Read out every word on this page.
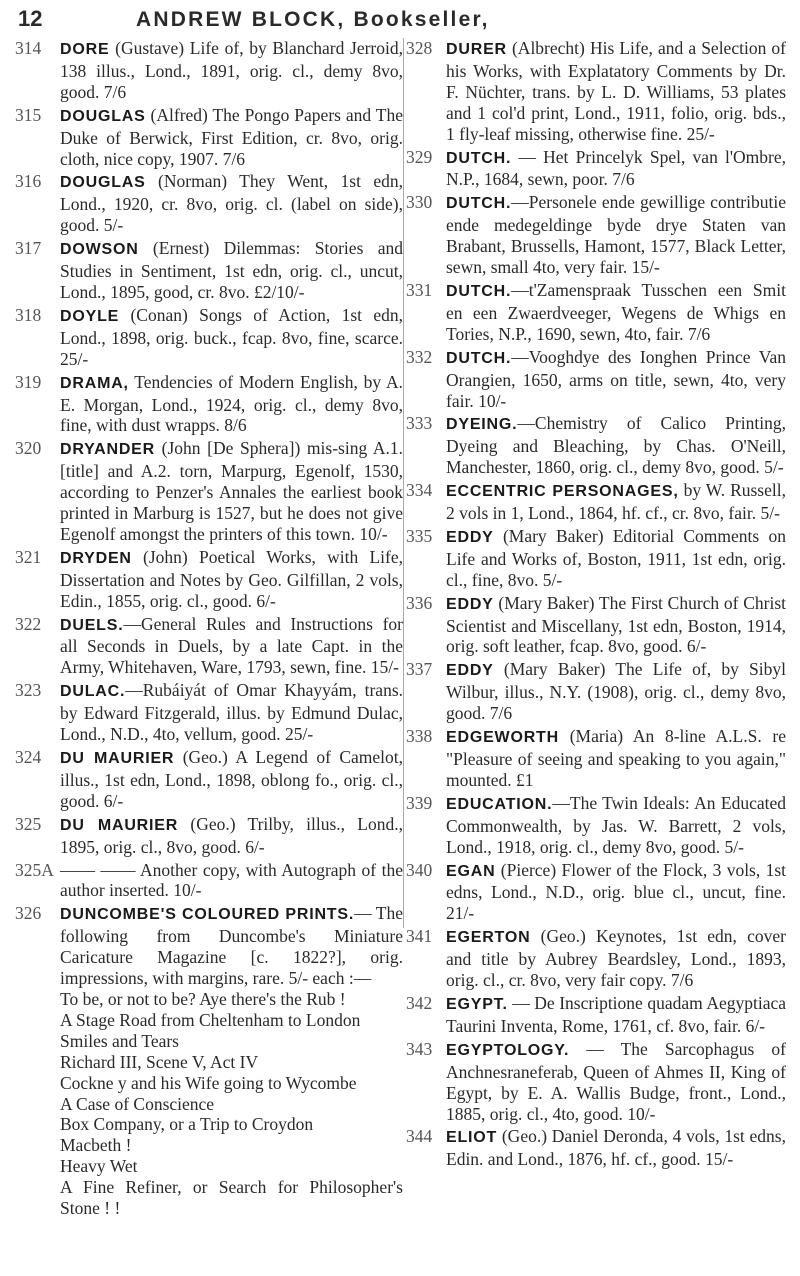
12	ANDREW BLOCK, Bookseller,
314	DORE (Gustave) Life of, by Blanchard Jerroid, 138 illus., Lond., 1891, orig. cl., demy 8vo, good. 7/6
315	DOUGLAS (Alfred) The Pongo Papers and The Duke of Berwick, First Edition, cr. 8vo, orig. cloth, nice copy, 1907. 7/6
316	DOUGLAS (Norman) They Went, 1st edn, Lond., 1920, cr. 8vo, orig. cl. (label on side), good. 5/-
317	DOWSON (Ernest) Dilemmas: Stories and Studies in Sentiment, 1st edn, orig. cl., uncut, Lond., 1895, good, cr. 8vo. £2/10/-
318	DOYLE (Conan) Songs of Action, 1st edn, Lond., 1898, orig. buck., fcap. 8vo, fine, scarce. 25/-
319	DRAMA, Tendencies of Modern English, by A. E. Morgan, Lond., 1924, orig. cl., demy 8vo, fine, with dust wrapps. 8/6
320	DRYANDER (John [De Sphera]) mis-sing A.1. [title] and A.2. torn, Marpurg, Egenolf, 1530, according to Penzer's Annales the earliest book printed in Marburg is 1527, but he does not give Egenolf amongst the printers of this town. 10/-
321	DRYDEN (John) Poetical Works, with Life, Dissertation and Notes by Geo. Gilfillan, 2 vols, Edin., 1855, orig. cl., good. 6/-
322	DUELS.—General Rules and Instructions for all Seconds in Duels, by a late Capt. in the Army, Whitehaven, Ware, 1793, sewn, fine. 15/-
323	DULAC.—Rubáiyát of Omar Khayyám, trans. by Edward Fitzgerald, illus. by Edmund Dulac, Lond., N.D., 4to, vellum, good. 25/-
324	DU MAURIER (Geo.) A Legend of Camelot, illus., 1st edn, Lond., 1898, oblong fo., orig. cl., good. 6/-
325	DU MAURIER (Geo.) Trilby, illus., Lond., 1895, orig. cl., 8vo, good. 6/-
325A —— —— Another copy, with Autograph of the author inserted. 10/-
326	DUNCOMBE'S COLOURED PRINTS.— The following from Duncombe's Miniature Caricature Magazine [c. 1822?], orig. impressions, with margins, rare. 5/- each :—
To be, or not to be? Aye there's the Rub !
A Stage Road from Cheltenham to London
Smiles and Tears
Richard III, Scene V, Act IV
Cockne y and his Wife going to Wycombe
A Case of Conscience
Box Company, or a Trip to Croydon
Macbeth !
Heavy Wet
A Fine Refiner, or Search for Philosopher's Stone ! !
328 DURER (Albrecht) His Life, and a Selection of his Works, with Explatatory Comments by Dr. F. Nüchter, trans. by L. D. Williams, 53 plates and 1 col'd print, Lond., 1911, folio, orig. bds., 1 fly-leaf missing, otherwise fine. 25/-
329 DUTCH. — Het Princelyk Spel, van l'Ombre, N.P., 1684, sewn, poor. 7/6
330 DUTCH.—Personele ende gewillige contributie ende medegeldinge byde drye Staten van Brabant, Brussells, Hamont, 1577, Black Letter, sewn, small 4to, very fair. 15/-
331 DUTCH.—t'Zamenspraak Tusschen een Smit en een Zwaerdveeger, Wegens de Whigs en Tories, N.P., 1690, sewn, 4to, fair. 7/6
332 DUTCH.—Vooghdye des Ionghen Prince Van Orangien, 1650, arms on title, sewn, 4to, very fair. 10/-
333 DYEING.—Chemistry of Calico Printing, Dyeing and Bleaching, by Chas. O'Neill, Manchester, 1860, orig. cl., demy 8vo, good. 5/-
334 ECCENTRIC PERSONAGES, by W. Russell, 2 vols in 1, Lond., 1864, hf. cf., cr. 8vo, fair. 5/-
335 EDDY (Mary Baker) Editorial Comments on Life and Works of, Boston, 1911, 1st edn, orig. cl., fine, 8vo. 5/-
336 EDDY (Mary Baker) The First Church of Christ Scientist and Miscellany, 1st edn, Boston, 1914, orig. soft leather, fcap. 8vo, good. 6/-
337 EDDY (Mary Baker) The Life of, by Sibyl Wilbur, illus., N.Y. (1908), orig. cl., demy 8vo, good. 7/6
338 EDGEWORTH (Maria) An 8-line A.L.S. re "Pleasure of seeing and speaking to you again," mounted. £1
339 EDUCATION.—The Twin Ideals: An Educated Commonwealth, by Jas. W. Barrett, 2 vols, Lond., 1918, orig. cl., demy 8vo, good. 5/-
340 EGAN (Pierce) Flower of the Flock, 3 vols, 1st edns, Lond., N.D., orig. blue cl., uncut, fine. 21/-
341 EGERTON (Geo.) Keynotes, 1st edn, cover and title by Aubrey Beardsley, Lond., 1893, orig. cl., cr. 8vo, very fair copy. 7/6
342 EGYPT. — De Inscriptione quadam Aegyptiaca Taurini Inventa, Rome, 1761, cf. 8vo, fair. 6/-
343 EGYPTOLOGY. — The Sarcophagus of Anchnesraneferab, Queen of Ahmes II, King of Egypt, by E. A. Wallis Budge, front., Lond., 1885, orig. cl., 4to, good. 10/-
344 ELIOT (Geo.) Daniel Deronda, 4 vols, 1st edns, Edin. and Lond., 1876, hf. cf., good. 15/-
